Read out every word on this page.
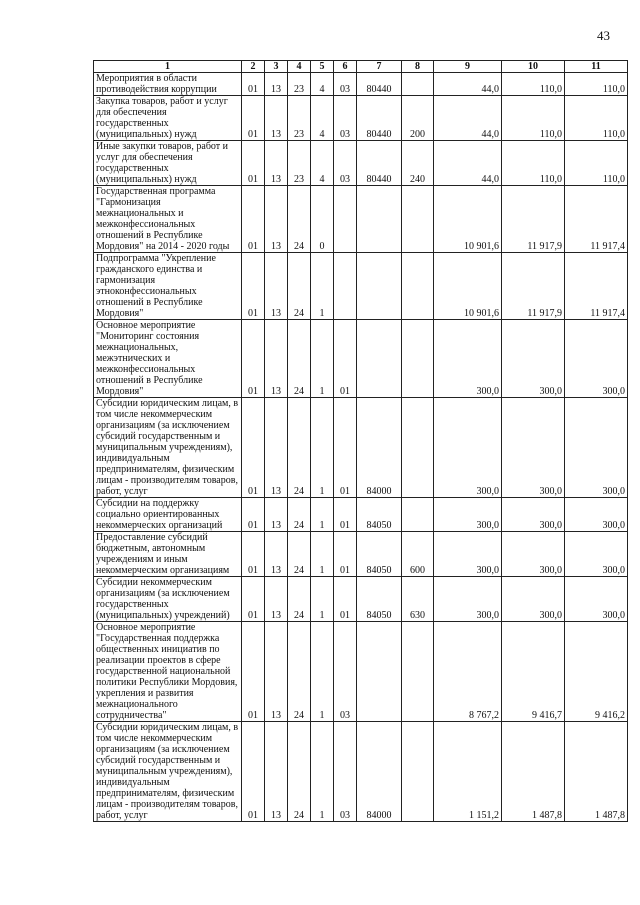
43
1	2	3	4	5	6	7	8	9	10	11
Мероприятия в области противодействия коррупции	01	13	23	4	03	80440		44,0	110,0	110,0
Закупка товаров, работ и услуг для обеспечения государственных (муниципальных) нужд	01	13	23	4	03	80440	200	44,0	110,0	110,0
Иные закупки товаров, работ и услуг для обеспечения государственных (муниципальных) нужд	01	13	23	4	03	80440	240	44,0	110,0	110,0
Государственная программа "Гармонизация межнациональных и межконфессиональных отношений в Республике Мордовия" на 2014 - 2020 годы	01	13	24	0				10 901,6	11 917,9	11 917,4
Подпрограмма "Укрепление гражданского единства и гармонизация этноконфессиональных отношений в Республике Мордовия"	01	13	24	1				10 901,6	11 917,9	11 917,4
Основное мероприятие "Мониторинг состояния межнациональных, межэтнических и межконфессиональных отношений в Республике Мордовия"	01	13	24	1	01			300,0	300,0	300,0
Субсидии юридическим лицам, в том числе некоммерческим организациям (за исключением субсидий государственным и муниципальным учреждениям), индивидуальным предпринимателям, физическим лицам - производителям товаров, работ, услуг	01	13	24	1	01	84000		300,0	300,0	300,0
Субсидии на поддержку социально ориентированных некоммерческих организаций	01	13	24	1	01	84050		300,0	300,0	300,0
Предоставление субсидий бюджетным, автономным учреждениям и иным некоммерческим организациям	01	13	24	1	01	84050	600	300,0	300,0	300,0
Субсидии некоммерческим организациям (за исключением государственных (муниципальных) учреждений)	01	13	24	1	01	84050	630	300,0	300,0	300,0
Основное мероприятие "Государственная поддержка общественных инициатив по реализации проектов в сфере государственной национальной политики Республики Мордовия, укрепления и развития межнационального сотрудничества"	01	13	24	1	03			8 767,2	9 416,7	9 416,2
Субсидии юридическим лицам, в том числе некоммерческим организациям (за исключением субсидий государственным и муниципальным учреждениям), индивидуальным предпринимателям, физическим лицам - производителям товаров, работ, услуг	01	13	24	1	03	84000		1 151,2	1 487,8	1 487,8
